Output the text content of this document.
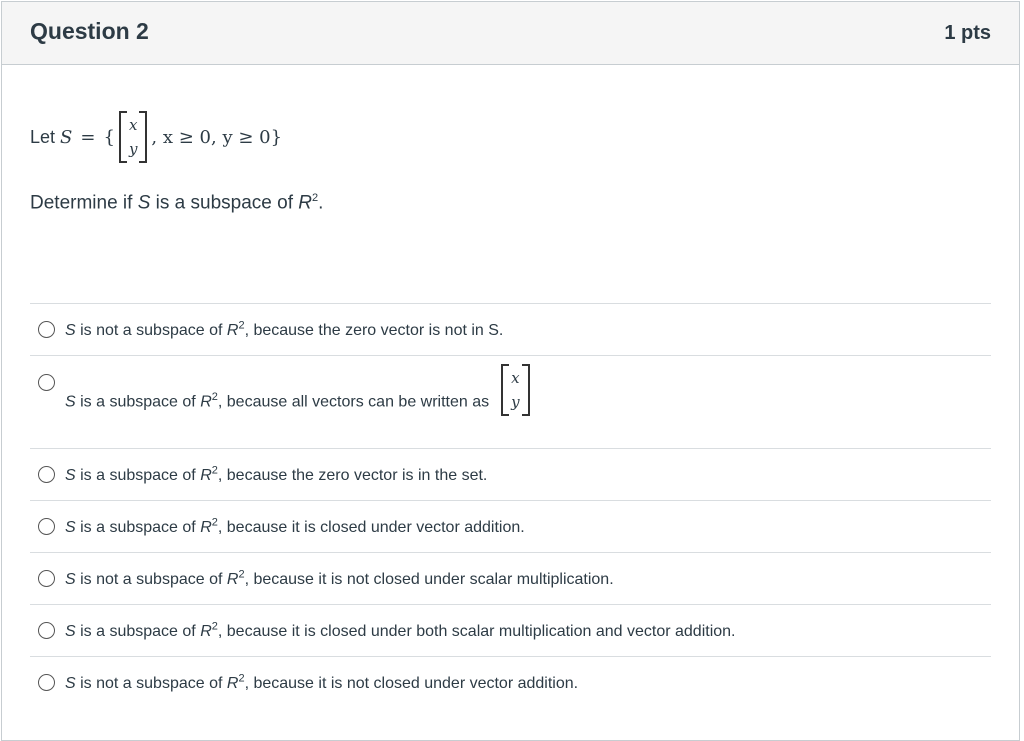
Question 2	1 pts
Let
S = {
x
y
, x ≥ 0, y ≥ 0}
Determine if S is a subspace of $R^2$.
S is not a subspace of $R^2$, because the zero vector is not in S.
S is a subspace of $R^2$, because all vectors can be written as
x
y
S is a subspace of $R^2$, because the zero vector is in the set.
S is a subspace of $R^2$, because it is closed under vector addition.
S is not a subspace of $R^2$, because it is not closed under scalar multiplication.
S is a subspace of $R^2$, because it is closed under both scalar multiplication and vector addition.
S is not a subspace of $R^2$, because it is not closed under vector addition.
